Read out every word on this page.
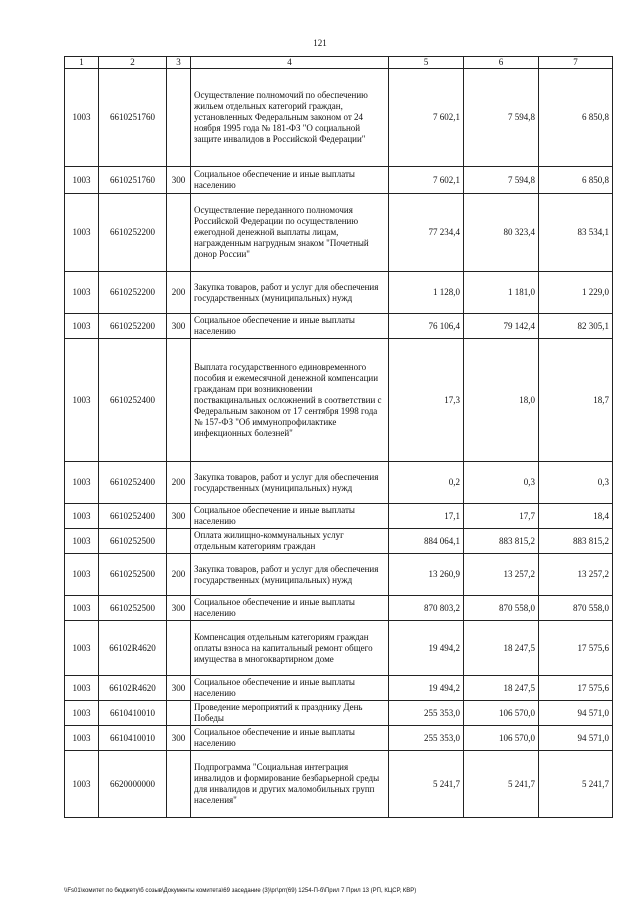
121
1	2	3	4	5	6	7
1003	6610251760		Осуществление полномочий по обеспечению жильем отдельных категорий граждан, установленных Федеральным законом от 24 ноября 1995 года № 181-ФЗ "О социальной защите инвалидов в Российской Федерации"	7 602,1	7 594,8	6 850,8
1003	6610251760	300	Социальное обеспечение и иные выплаты населению	7 602,1	7 594,8	6 850,8
1003	6610252200		Осуществление переданного полномочия Российской Федерации по осуществлению ежегодной денежной выплаты лицам, награжденным нагрудным знаком "Почетный донор России"	77 234,4	80 323,4	83 534,1
1003	6610252200	200	Закупка товаров, работ и услуг для обеспечения государственных (муниципальных) нужд	1 128,0	1 181,0	1 229,0
1003	6610252200	300	Социальное обеспечение и иные выплаты населению	76 106,4	79 142,4	82 305,1
1003	6610252400		Выплата государственного единовременного пособия и ежемесячной денежной компенсации гражданам при возникновении поствакцинальных осложнений в соответствии с Федеральным законом от 17 сентября 1998 года № 157-ФЗ "Об иммунопрофилактике инфекционных болезней"	17,3	18,0	18,7
1003	6610252400	200	Закупка товаров, работ и услуг для обеспечения государственных (муниципальных) нужд	0,2	0,3	0,3
1003	6610252400	300	Социальное обеспечение и иные выплаты населению	17,1	17,7	18,4
1003	6610252500		Оплата жилищно-коммунальных услуг отдельным категориям граждан	884 064,1	883 815,2	883 815,2
1003	6610252500	200	Закупка товаров, работ и услуг для обеспечения государственных (муниципальных) нужд	13 260,9	13 257,2	13 257,2
1003	6610252500	300	Социальное обеспечение и иные выплаты населению	870 803,2	870 558,0	870 558,0
1003	66102R4620		Компенсация отдельным категориям граждан оплаты взноса на капитальный ремонт общего имущества в многоквартирном доме	19 494,2	18 247,5	17 575,6
1003	66102R4620	300	Социальное обеспечение и иные выплаты населению	19 494,2	18 247,5	17 575,6
1003	6610410010		Проведение мероприятий к празднику День Победы	255 353,0	106 570,0	94 571,0
1003	6610410010	300	Социальное обеспечение и иные выплаты населению	255 353,0	106 570,0	94 571,0
1003	6620000000		Подпрограмма "Социальная интеграция инвалидов и формирование безбарьерной среды для инвалидов и других маломобильных групп населения"	5 241,7	5 241,7	5 241,7
\\Fs01\комитет по бюджету\б созыв\Документы комитета\69 заседание (3)\рг\prr(69) 1254-П-б\Прил 7 Прил 13 (РП, КЦСР, КВР)
